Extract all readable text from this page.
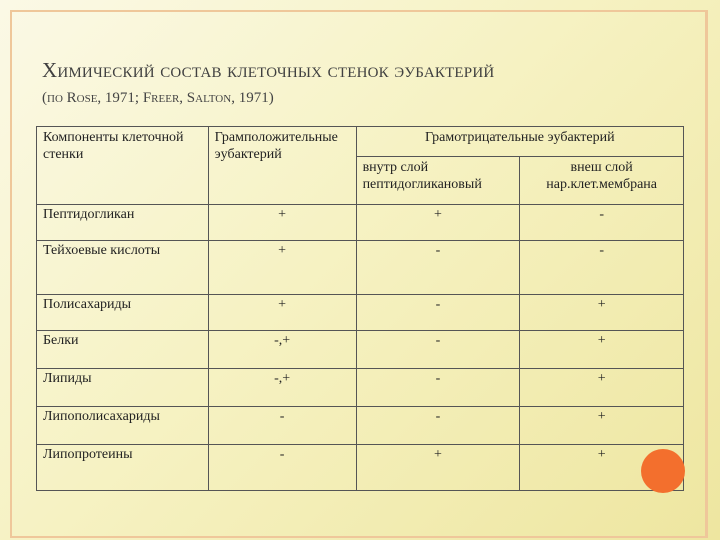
Химический состав клеточных стенок эубактерий
(по Rose, 1971; Freer, Salton, 1971)
Компоненты клеточной стенки	Грамположительные эубактерий	Грамотрицательные эубактерий	
		внутр слой пептидогликановый	внеш слой нар.клет.мембрана
Пептидогликан	+	+	-
Тейхоевые кислоты	+	-	-
Полисахариды	+	-	+
Белки	-,+	-	+
Липиды	-,+	-	+
Липополисахариды	-	-	+
Липопротеины	-	+	+
